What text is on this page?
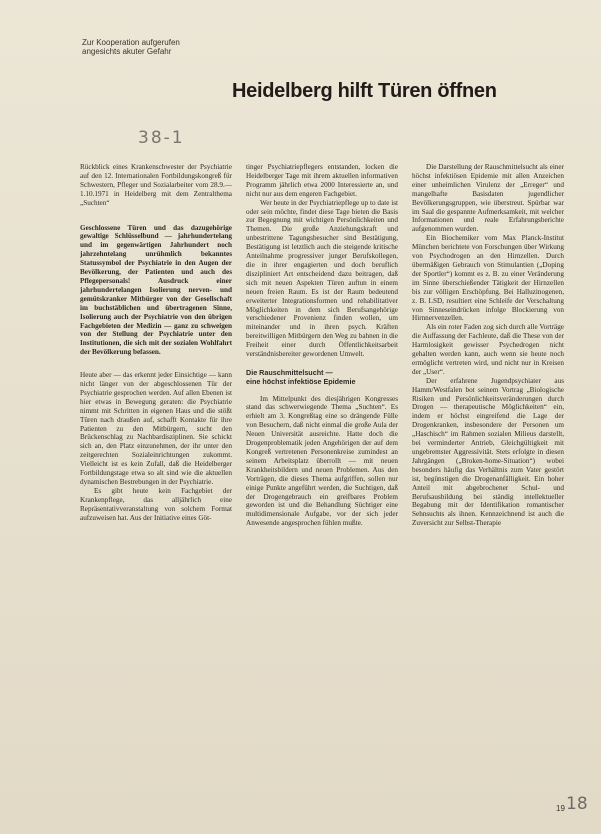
Zur Kooperation aufgerufen
angesichts akuter Gefahr
Heidelberg hilft Türen öffnen
38-1

Rückblick eines Krankenschwester der Psychiatrie auf den 12. Internationalen Fortbildungskongreß für Schwestern, Pfleger und Sozialarbeiter vom 28.9.—1.10.1971 in Heidelberg mit dem Zentralthema „Suchten“

Geschlossene Türen und das dazugehörige gewaltige Schlüsselbund — jahrhundertelang und im gegenwärtigen Jahrhundert noch jahrzehntelang unrühmlich bekanntes Statussymbol der Psychiatrie in den Augen der Bevölkerung, der Patienten und auch des Pflegepersonals! Ausdruck einer jahrhundertelangen Isolierung nerven- und gemütskranker Mitbürger von der Gesellschaft im buchstäblichen und übertragenen Sinne, Isolierung auch der Psychiatrie von den übrigen Fachgebieten der Medizin — ganz zu schweigen von der Stellung der Psychiatrie unter den Institutionen, die sich mit der sozialen Wohlfahrt der Bevölkerung befassen.

Heute aber — das erkennt jeder Einsichtige — kann nicht länger von der abgeschlossenen Tür der Psychiatrie gesprochen werden. Auf allen Ebenen ist hier etwas in Bewegung geraten: die Psychiatrie nimmt mit Schritten in eigenen Haus und die stößt Türen nach draußen auf, schafft Kontakte für ihre Patienten zu den Mitbürgern, sucht den Brückenschlag zu Nachbardisziplinen. Sie schickt sich an, den Platz einzunehmen, der ihr unter den zeitgerechten Sozialeinrichtungen zukommt. Vielleicht ist es kein Zufall, daß die Heidelberger Fortbildungstage etwa so alt sind wie die aktuellen dynamischen Bestrebungen in der Psychiatrie.

Es gibt heute kein Fachgebiet der Krankenpflege, das alljährlich eine Repräsentativveranstaltung von solchem Format aufzuweisen hat. Aus der Initiative eines Göt-

tinger Psychiatriepflegers entstanden, locken die Heidelberger Tage mit ihrem aktuellen informativen Programm jährlich etwa 2000 Interessierte an, und nicht nur aus dem engeren Fachgebiet.

Wer heute in der Psychiatriepflege up to date ist oder sein möchte, findet diese Tage bieten die Basis zur Begegnung mit wichtigen Persönlichkeiten und Themen. Die große Anziehungskraft und unbestrittene Tagungsbesucher sind Bestätigung, Bestätigung ist letztlich auch die steigende kritische Anteilnahme progressiver junger Berufskollegen, die in ihrer engagierten und doch beruflich diszipliniert Art entscheidend dazu beitragen, daß sich mit neuen Aspekten Türen auftun in einem neuen freien Raum. Es ist der Raum bedeutend erweiterter Integrationsformen und rehabilitativer Möglichkeiten in dem sich Berufsangehörige verschiedener Provenienz finden wollen, um miteinander und in ihren psych. Kräften bereitwilligen Mitbürgern den Weg zu bahnen in die Freiheit einer durch Öffentlichkeitsarbeit verständnisbereiter gewordenen Umwelt.

Die Rauschmittelsucht —

eine höchst infektiöse Epidemie

Im Mittelpunkt des diesjährigen Kongresses stand das schwerwiegende Thema „Suchten“. Es erhielt am 3. Kongreßtag eine so drängende Fülle von Besuchern, daß nicht einmal die große Aula der Neuen Universität ausreichte. Hatte doch die Drogenproblematik jeden Angehörigen der auf dem Kongreß vertretenen Personenkreise zumindest an seinem Arbeitsplatz überrollt — mit neuen Krankheitsbildern und neuen Problemen. Aus den Vorträgen, die dieses Thema aufgriffen, sollen nur einige Punkte angeführt werden, die Suchtigen, daß der Drogengebrauch ein greifbares Problem geworden ist und die Behandlung Süchtiger eine multidimensionale Aufgabe, vor der sich jeder Anwesende angesprochen fühlen mußte.

Die Darstellung der Rauschmittelsucht als einer höchst infektiösen Epidemie mit allen Anzeichen einer unheimlichen Virulenz der „Erreger“ und mangelhafte Basisdaten jugendlicher Bevölkerungsgruppen, wie überstreut. Spürbar war im Saal die gespannte Aufmerksamkeit, mit welcher Informationen und reale Erfahrungsberichte aufgenommen wurden.

Ein Biochemiker vom Max Planck-Institut München berichtete von Forschungen über Wirkung von Psychodrogen an den Hirnzellen. Durch übermäßigen Gebrauch von Stimulantien („Doping der Sportler“) kommt es z. B. zu einer Veränderung im Sinne überschießender Tätigkeit der Hirnzellen bis zur völligen Erschöpfung. Bei Halluzinogenen, z. B. LSD, resultiert eine Schleife der Verschaltung von Sinneseindrücken infolge Blockierung von Hirnnervenzellen.

Als ein roter Faden zog sich durch alle Vorträge die Auffassung der Fachleute, daß die These von der Harmlosigkeit gewisser Psychedrogen nicht gehalten werden kann, auch wenn sie heute noch ermöglicht vertreten wird, und nicht nur in Kreisen der „User“.

Der erfahrene Jugendpsychiater aus Hamm/Westfalen bot seinem Vortrag „Biologische Risiken und Persönlichkeitsveränderungen durch Drogen — therapeutische Möglichkeiten“ ein, indem er höchst eingreifend die Lage der Drogenkranken, insbesondere der Personen um „Haschisch“ im Rahmen sozialen Milieus darstellt, bei verminderter Antrieb, Gleichgültigkeit mit ungebremster Aggressivität. Stets erfolgte in diesen Jahrgängen („Broken-home-Situation“) wobei besonders häufig das Verhältnis zum Vater gestört ist, begünstigen die Drogenanfälligkeit. Ein hoher Anteil mit abgebrochener Schul- und Berufsausbildung bei ständig intellektueller Begabung mit der Identifikation romantischer Sehnsuchts als ihnen. Kennzeichnend ist auch die Zuversicht zur Selbst-Therapie

19 18
